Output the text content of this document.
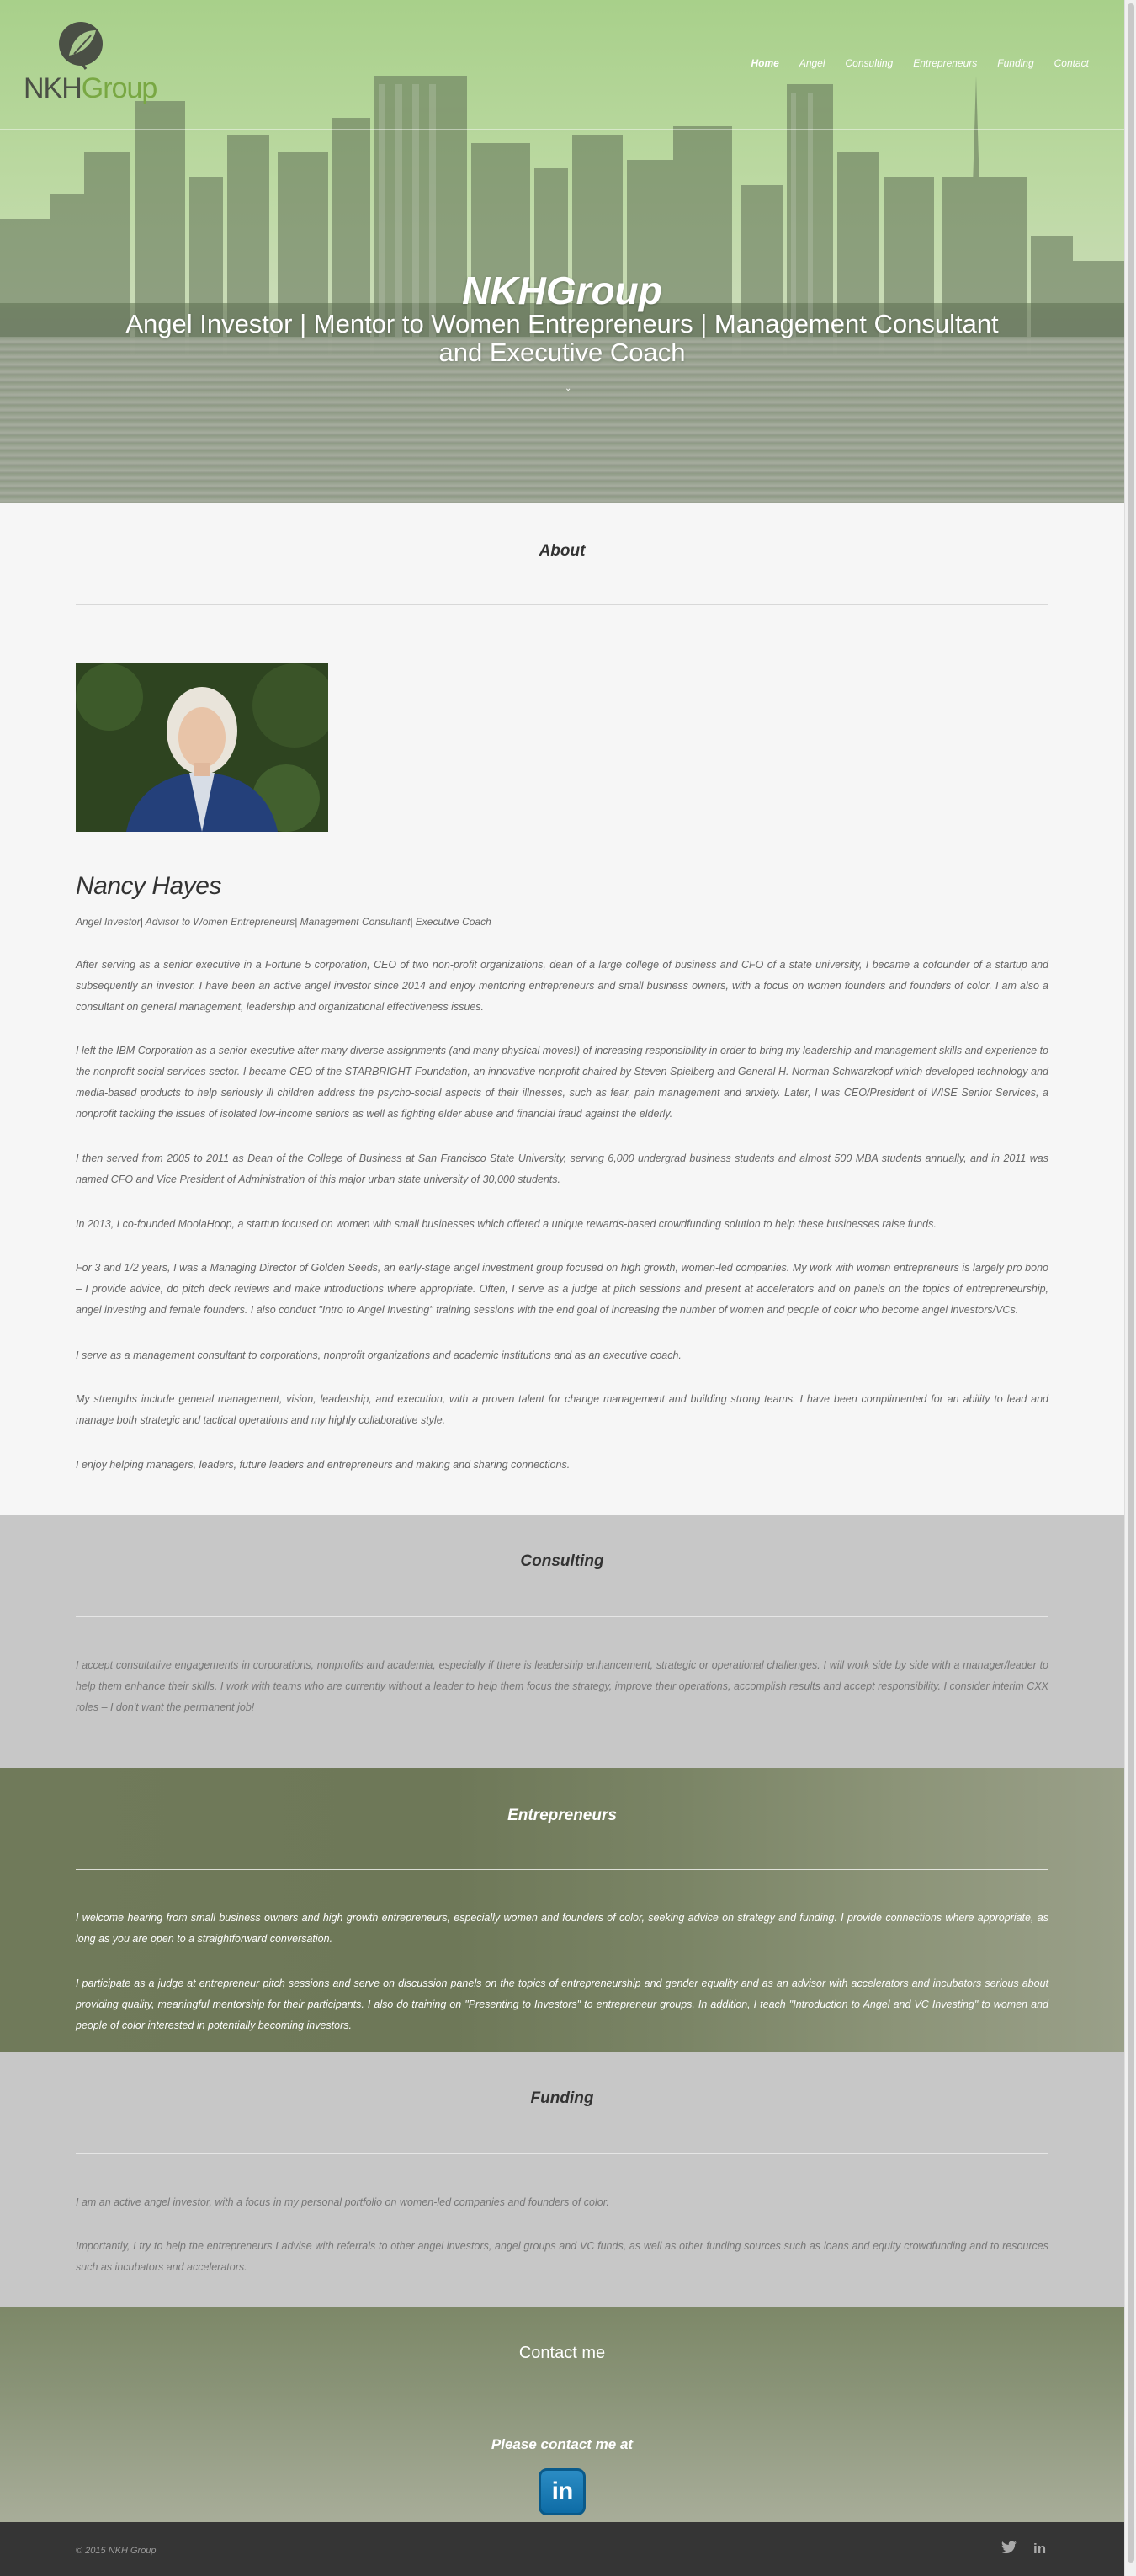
NKHGroup
Home Angel Consulting Entrepreneurs Funding Contact
NKHGroup
Angel Investor | Mentor to Women Entrepreneurs | Management Consultant and Executive Coach
⌄
About
Nancy Hayes
Angel Investor| Advisor to Women Entrepreneurs| Management Consultant| Executive Coach

After serving as a senior executive in a Fortune 5 corporation, CEO of two non-profit organizations, dean of a large college of business and CFO of a state university, I became a cofounder of a startup and subsequently an investor. I have been an active angel investor since 2014 and enjoy mentoring entrepreneurs and small business owners, with a focus on women founders and founders of color. I am also a consultant on general management, leadership and organizational effectiveness issues.

I left the IBM Corporation as a senior executive after many diverse assignments (and many physical moves!) of increasing responsibility in order to bring my leadership and management skills and experience to the nonprofit social services sector. I became CEO of the STARBRIGHT Foundation, an innovative nonprofit chaired by Steven Spielberg and General H. Norman Schwarzkopf which developed technology and media-based products to help seriously ill children address the psycho-social aspects of their illnesses, such as fear, pain management and anxiety. Later, I was CEO/President of WISE Senior Services, a nonprofit tackling the issues of isolated low-income seniors as well as fighting elder abuse and financial fraud against the elderly.

I then served from 2005 to 2011 as Dean of the College of Business at San Francisco State University, serving 6,000 undergrad business students and almost 500 MBA students annually, and in 2011 was named CFO and Vice President of Administration of this major urban state university of 30,000 students.

In 2013, I co-founded MoolaHoop, a startup focused on women with small businesses which offered a unique rewards-based crowdfunding solution to help these businesses raise funds.

For 3 and 1/2 years, I was a Managing Director of Golden Seeds, an early-stage angel investment group focused on high growth, women-led companies. My work with women entrepreneurs is largely pro bono – I provide advice, do pitch deck reviews and make introductions where appropriate. Often, I serve as a judge at pitch sessions and present at accelerators and on panels on the topics of entrepreneurship, angel investing and female founders. I also conduct "Intro to Angel Investing" training sessions with the end goal of increasing the number of women and people of color who become angel investors/VCs.

I serve as a management consultant to corporations, nonprofit organizations and academic institutions and as an executive coach.

My strengths include general management, vision, leadership, and execution, with a proven talent for change management and building strong teams. I have been complimented for an ability to lead and manage both strategic and tactical operations and my highly collaborative style.

I enjoy helping managers, leaders, future leaders and entrepreneurs and making and sharing connections.

Consulting

I accept consultative engagements in corporations, nonprofits and academia, especially if there is leadership enhancement, strategic or operational challenges. I will work side by side with a manager/leader to help them enhance their skills. I work with teams who are currently without a leader to help them focus the strategy, improve their operations, accomplish results and accept responsibility. I consider interim CXX roles – I don't want the permanent job!

Entrepreneurs

I welcome hearing from small business owners and high growth entrepreneurs, especially women and founders of color, seeking advice on strategy and funding. I provide connections where appropriate, as long as you are open to a straightforward conversation.

I participate as a judge at entrepreneur pitch sessions and serve on discussion panels on the topics of entrepreneurship and gender equality and as an advisor with accelerators and incubators serious about providing quality, meaningful mentorship for their participants. I also do training on "Presenting to Investors" to entrepreneur groups. In addition, I teach "Introduction to Angel and VC Investing" to women and people of color interested in potentially becoming investors.

Funding

I am an active angel investor, with a focus in my personal portfolio on women-led companies and founders of color.

Importantly, I try to help the entrepreneurs I advise with referrals to other angel investors, angel groups and VC funds, as well as other funding sources such as loans and equity crowdfunding and to resources such as incubators and accelerators.

Contact me
Please contact me at
in
© 2015 NKH Group	in
